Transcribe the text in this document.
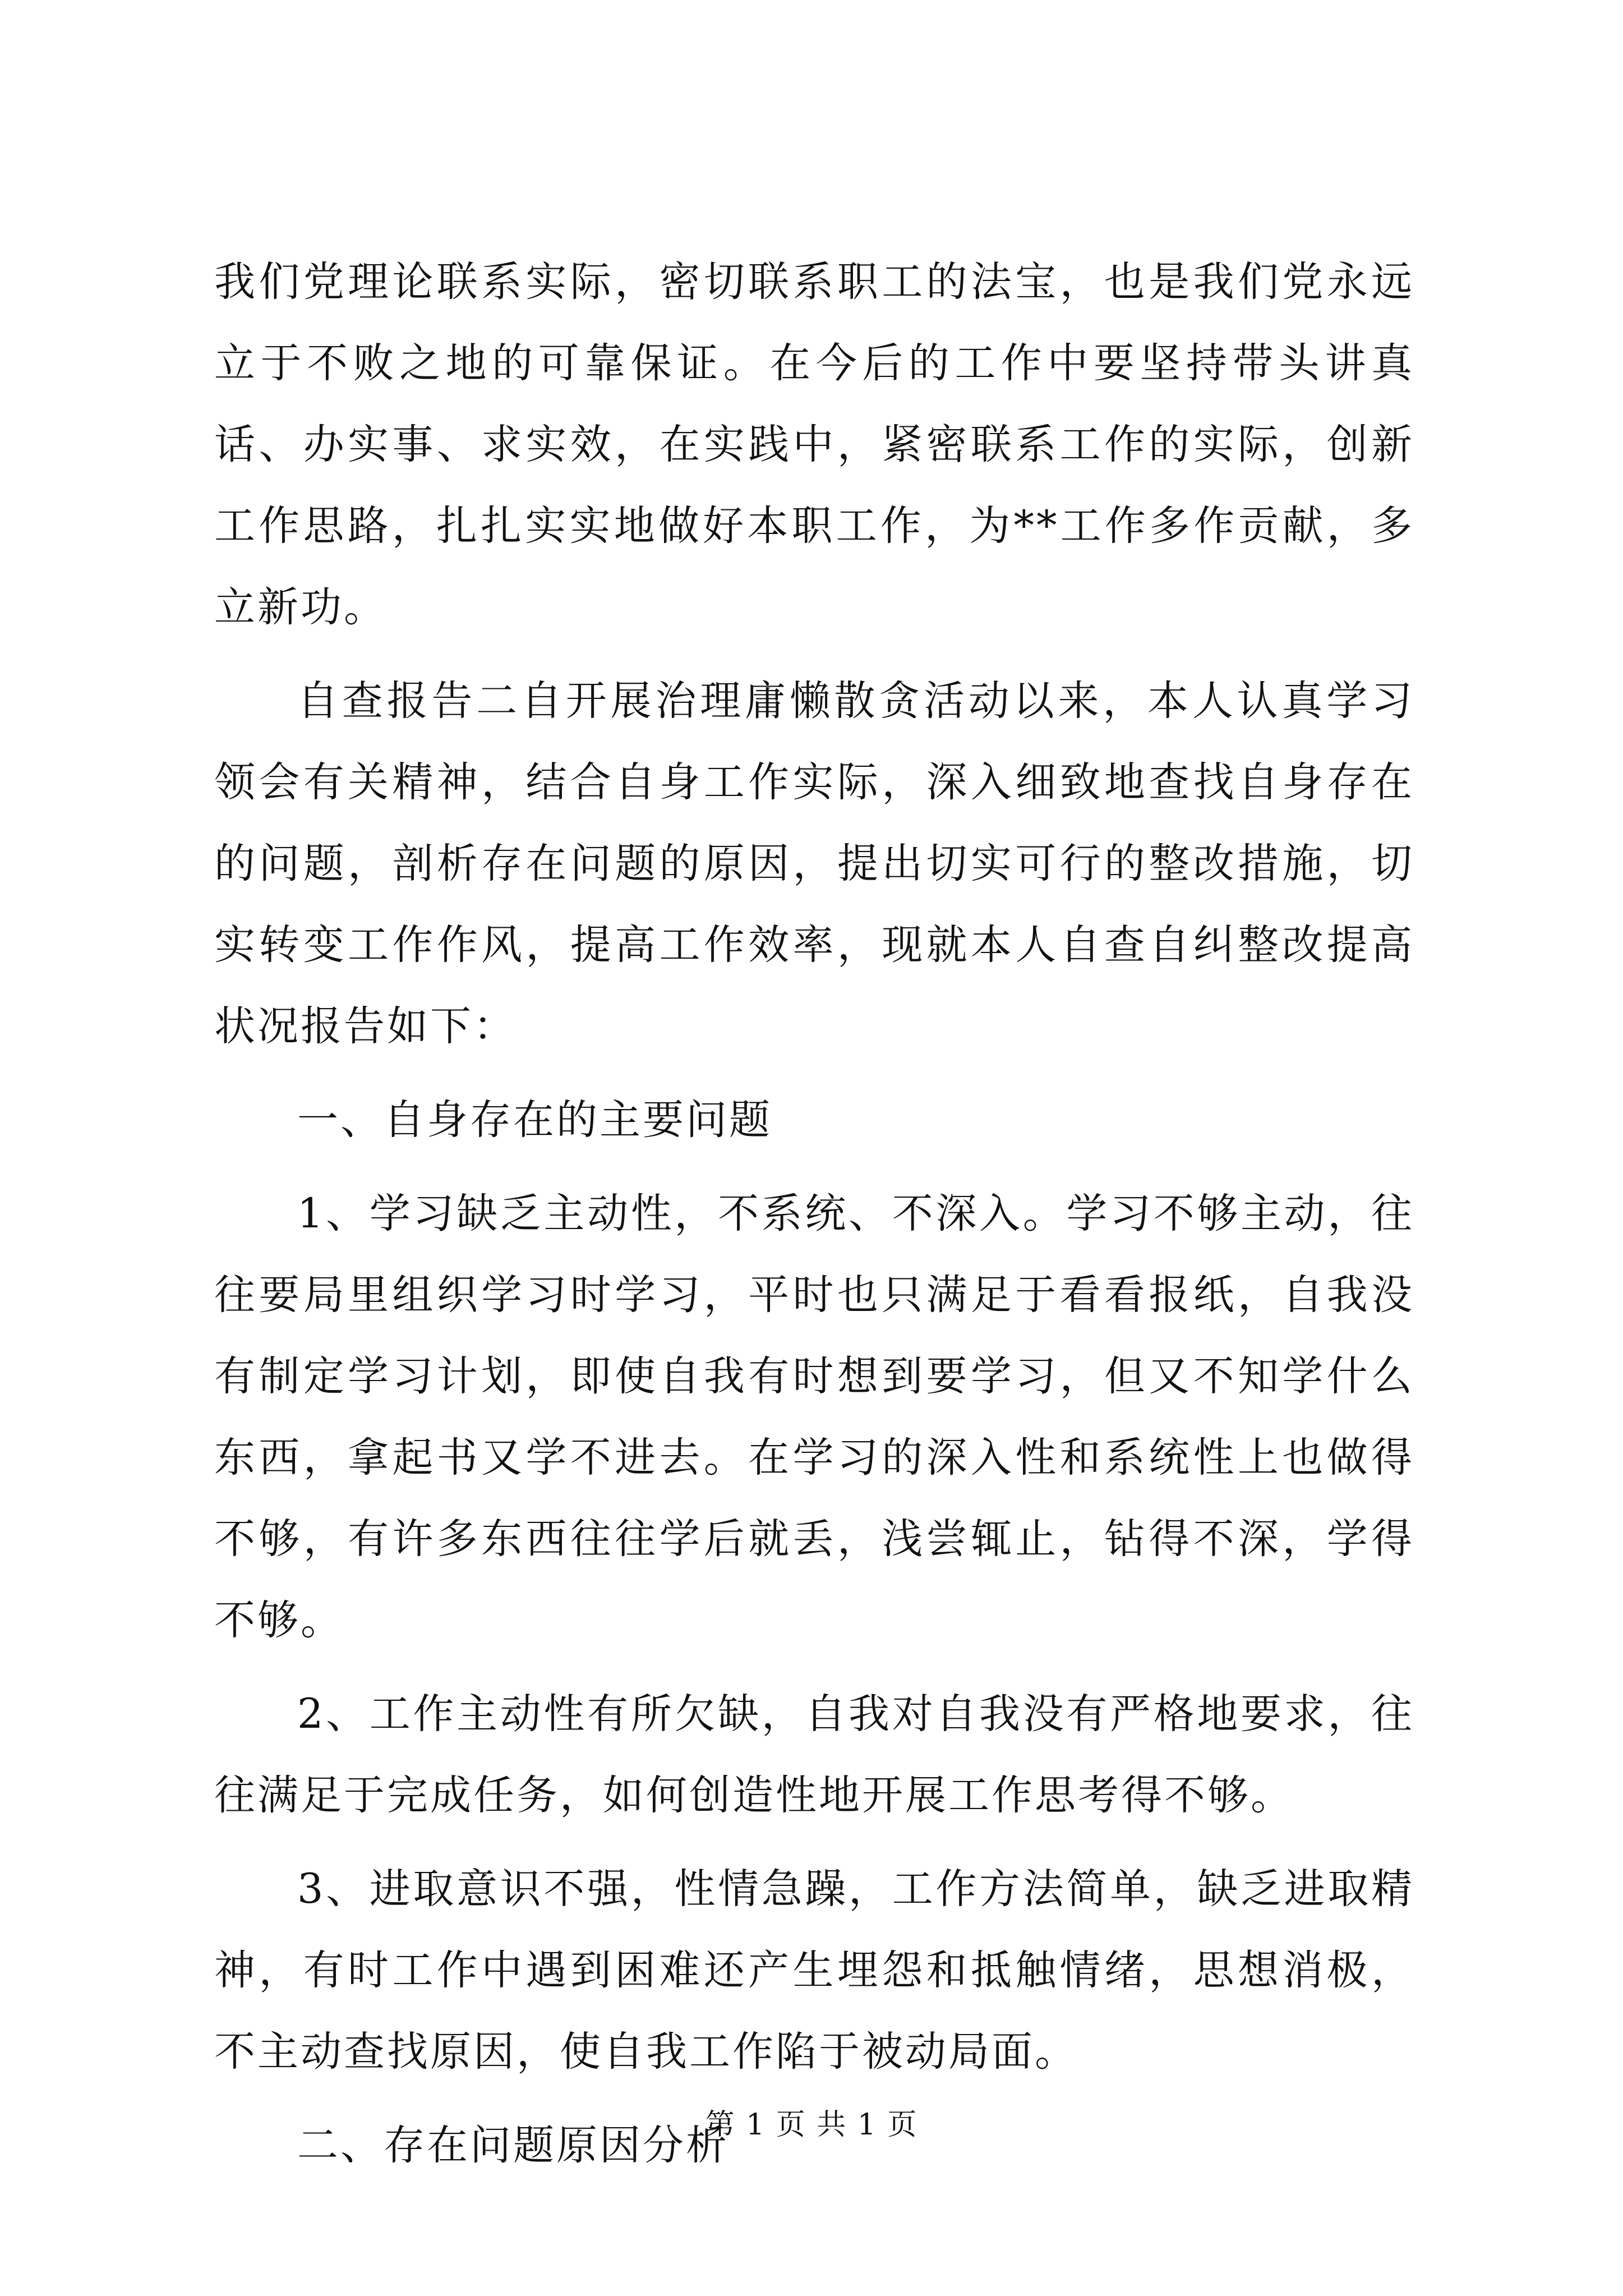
我们党理论联系实际，密切联系职工的法宝，也是我们党永远立于不败之地的可靠保证。在今后的工作中要坚持带头讲真话、办实事、求实效，在实践中，紧密联系工作的实际，创新工作思路，扎扎实实地做好本职工作，为**工作多作贡献，多立新功。

自查报告二自开展治理庸懒散贪活动以来，本人认真学习领会有关精神，结合自身工作实际，深入细致地查找自身存在的问题，剖析存在问题的原因，提出切实可行的整改措施，切实转变工作作风，提高工作效率，现就本人自查自纠整改提高状况报告如下：

一、自身存在的主要问题

1、学习缺乏主动性，不系统、不深入。学习不够主动，往往要局里组织学习时学习，平时也只满足于看看报纸，自我没有制定学习计划，即使自我有时想到要学习，但又不知学什么东西，拿起书又学不进去。在学习的深入性和系统性上也做得不够，有许多东西往往学后就丢，浅尝辄止，钻得不深，学得不够。

2、工作主动性有所欠缺，自我对自我没有严格地要求，往往满足于完成任务，如何创造性地开展工作思考得不够。

3、进取意识不强，性情急躁，工作方法简单，缺乏进取精神，有时工作中遇到困难还产生埋怨和抵触情绪，思想消极，不主动查找原因，使自我工作陷于被动局面。

二、存在问题原因分析

第 1 页 共 1 页
